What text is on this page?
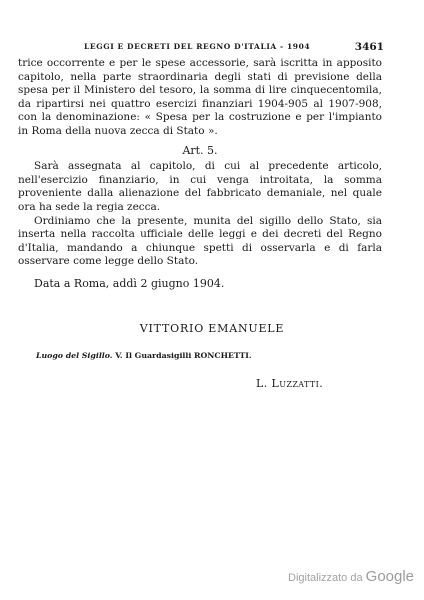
LEGGI E DECRETI DEL REGNO D'ITALIA - 1904	3461

trice occorrente e per le spese accessorie, sarà iscritta in apposito capitolo, nella parte straordinaria degli stati di previsione della spesa per il Ministero del tesoro, la somma di lire cinquecentomila, da ripartirsi nei quattro esercizi finanziari 1904-905 al 1907-908, con la denominazione: « Spesa per la costruzione e per l'impianto in Roma della nuova zecca di Stato ».

Art. 5.

Sarà assegnata al capitolo, di cui al precedente articolo, nell'esercizio finanziario, in cui venga introitata, la somma proveniente dalla alienazione del fabbricato demaniale, nel quale ora ha sede la regia zecca.

Ordiniamo che la presente, munita del sigillo dello Stato, sia inserta nella raccolta ufficiale delle leggi e dei decreti del Regno d'Italia, mandando a chiunque spetti di osservarla e di farla osservare come legge dello Stato.

Data a Roma, addì 2 giugno 1904.

VITTORIO EMANUELE
Luogo del Sigillo. V. Il Guardasigilli RONCHETTI.
L. Luzzatti.
Digitalizzato da Google
